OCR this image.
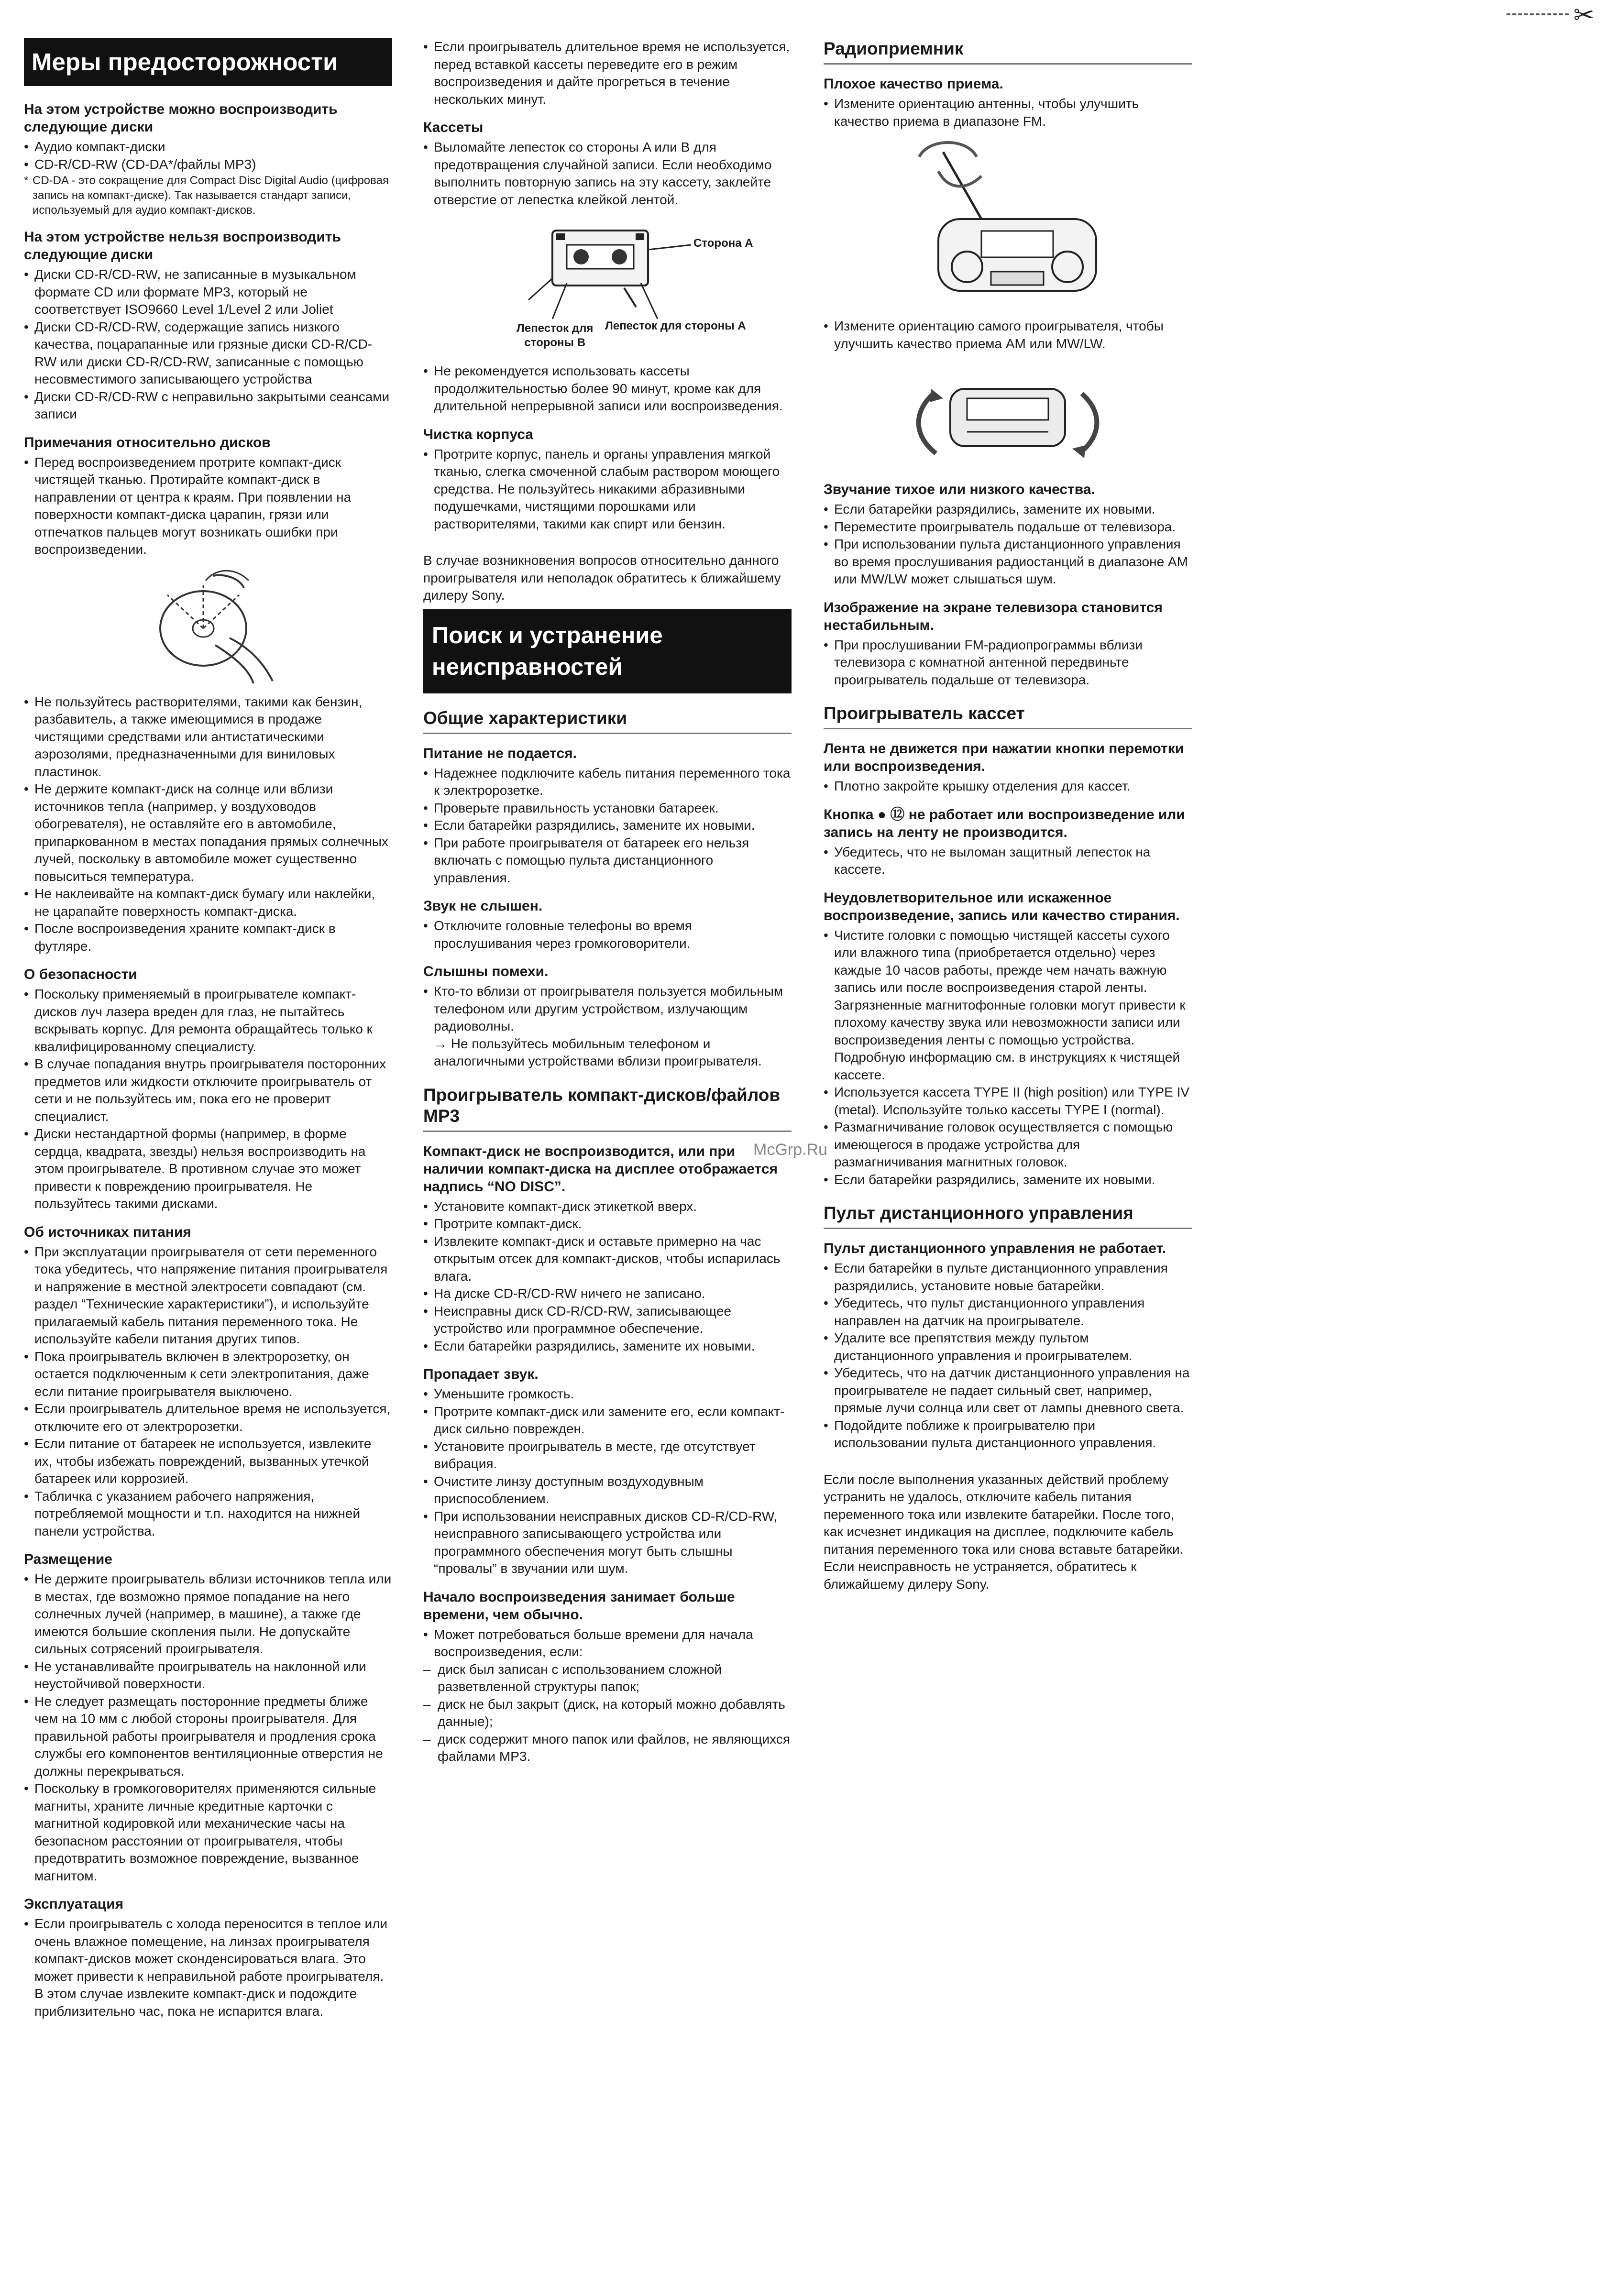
✂
Меры предосторожности
На этом устройстве можно воспроизводить следующие диски
• Аудио компакт-диски
• CD-R/CD-RW (CD-DA*/файлы MP3)
* CD-DA - это сокращение для Compact Disc Digital Audio (цифровая запись на компакт-диске). Так называется стандарт записи, используемый для аудио компакт-дисков.
На этом устройстве нельзя воспроизводить следующие диски
• Диски CD-R/CD-RW, не записанные в музыкальном формате CD или формате MP3, который не соответствует ISO9660 Level 1/Level 2 или Joliet
• Диски CD-R/CD-RW, содержащие запись низкого качества, поцарапанные или грязные диски CD-R/CD-RW или диски CD-R/CD-RW, записанные с помощью несовместимого записывающего устройства
• Диски CD-R/CD-RW с неправильно закрытыми сеансами записи
Примечания относительно дисков
• Перед воспроизведением протрите компакт-диск чистящей тканью. Протирайте компакт-диск в направлении от центра к краям. При появлении на поверхности компакт-диска царапин, грязи или отпечатков пальцев могут возникать ошибки при воспроизведении.
• Не пользуйтесь растворителями, такими как бензин, разбавитель, а также имеющимися в продаже чистящими средствами или антистатическими аэрозолями, предназначенными для виниловых пластинок.
• Не держите компакт-диск на солнце или вблизи источников тепла (например, у воздуховодов обогревателя), не оставляйте его в автомобиле, припаркованном в местах попадания прямых солнечных лучей, поскольку в автомобиле может существенно повыситься температура.
• Не наклеивайте на компакт-диск бумагу или наклейки, не царапайте поверхность компакт-диска.
• После воспроизведения храните компакт-диск в футляре.
О безопасности
• Поскольку применяемый в проигрывателе компакт-дисков луч лазера вреден для глаз, не пытайтесь вскрывать корпус. Для ремонта обращайтесь только к квалифицированному специалисту.
• В случае попадания внутрь проигрывателя посторонних предметов или жидкости отключите проигрыватель от сети и не пользуйтесь им, пока его не проверит специалист.
• Диски нестандартной формы (например, в форме сердца, квадрата, звезды) нельзя воспроизводить на этом проигрывателе. В противном случае это может привести к повреждению проигрывателя. Не пользуйтесь такими дисками.
Об источниках питания
• При эксплуатации проигрывателя от сети переменного тока убедитесь, что напряжение питания проигрывателя и напряжение в местной электросети совпадают (см. раздел “Технические характеристики”), и используйте прилагаемый кабель питания переменного тока. Не используйте кабели питания других типов.
• Пока проигрыватель включен в электророзетку, он остается подключенным к сети электропитания, даже если питание проигрывателя выключено.
• Если проигрыватель длительное время не используется, отключите его от электророзетки.
• Если питание от батареек не используется, извлеките их, чтобы избежать повреждений, вызванных утечкой батареек или коррозией.
• Табличка с указанием рабочего напряжения, потребляемой мощности и т.п. находится на нижней панели устройства.
Размещение
• Не держите проигрыватель вблизи источников тепла или в местах, где возможно прямое попадание на него солнечных лучей (например, в машине), а также где имеются большие скопления пыли. Не допускайте сильных сотрясений проигрывателя.
• Не устанавливайте проигрыватель на наклонной или неустойчивой поверхности.
• Не следует размещать посторонние предметы ближе чем на 10 мм с любой стороны проигрывателя. Для правильной работы проигрывателя и продления срока службы его компонентов вентиляционные отверстия не должны перекрываться.
• Поскольку в громкоговорителях применяются сильные магниты, храните личные кредитные карточки с магнитной кодировкой или механические часы на безопасном расстоянии от проигрывателя, чтобы предотвратить возможное повреждение, вызванное магнитом.
Эксплуатация
• Если проигрыватель с холода переносится в теплое или очень влажное помещение, на линзах проигрывателя компакт-дисков может сконденсироваться влага. Это может привести к неправильной работе проигрывателя. В этом случае извлеките компакт-диск и подождите приблизительно час, пока не испарится влага.
• Если проигрыватель длительное время не используется, перед вставкой кассеты переведите его в режим воспроизведения и дайте прогреться в течение нескольких минут.
Кассеты
• Выломайте лепесток со стороны A или B для предотвращения случайной записи. Если необходимо выполнить повторную запись на эту кассету, заклейте отверстие от лепестка клейкой лентой.
Сторона A
Лепесток для стороны A
Лепесток для
стороны B
• Не рекомендуется использовать кассеты продолжительностью более 90 минут, кроме как для длительной непрерывной записи или воспроизведения.
Чистка корпуса
• Протрите корпус, панель и органы управления мягкой тканью, слегка смоченной слабым раствором моющего средства. Не пользуйтесь никакими абразивными подушечками, чистящими порошками или растворителями, такими как спирт или бензин.

В случае возникновения вопросов относительно данного проигрывателя или неполадок обратитесь к ближайшему дилеру Sony.

Поиск и устранение
неисправностей
Общие характеристики
Питание не подается.
• Надежнее подключите кабель питания переменного тока к электророзетке.
• Проверьте правильность установки батареек.
• Если батарейки разрядились, замените их новыми.
• При работе проигрывателя от батареек его нельзя включать с помощью пульта дистанционного управления.
Звук не слышен.
• Отключите головные телефоны во время прослушивания через громкоговорители.
Слышны помехи.
• Кто-то вблизи от проигрывателя пользуется мобильным телефоном или другим устройством, излучающим радиоволны.
→ Не пользуйтесь мобильным телефоном и аналогичными устройствами вблизи проигрывателя.
Проигрыватель компакт-дисков/файлов MP3
Компакт-диск не воспроизводится, или при наличии компакт-диска на дисплее отображается надпись “NO DISC”.
• Установите компакт-диск этикеткой вверх.
• Протрите компакт-диск.
• Извлеките компакт-диск и оставьте примерно на час открытым отсек для компакт-дисков, чтобы испарилась влага.
• На диске CD-R/CD-RW ничего не записано.
• Неисправны диск CD-R/CD-RW, записывающее устройство или программное обеспечение.
• Если батарейки разрядились, замените их новыми.
Пропадает звук.
• Уменьшите громкость.
• Протрите компакт-диск или замените его, если компакт-диск сильно поврежден.
• Установите проигрыватель в месте, где отсутствует вибрация.
• Очистите линзу доступным воздуходувным приспособлением.
• При использовании неисправных дисков CD-R/CD-RW, неисправного записывающего устройства или программного обеспечения могут быть слышны “провалы” в звучании или шум.
Начало воспроизведения занимает больше времени, чем обычно.
• Может потребоваться больше времени для начала воспроизведения, если:
– диск был записан с использованием сложной разветвленной структуры папок;
– диск не был закрыт (диск, на который можно добавлять данные);
– диск содержит много папок или файлов, не являющихся файлами MP3.
Радиоприемник
Плохое качество приема.
• Измените ориентацию антенны, чтобы улучшить качество приема в диапазоне FM.
• Измените ориентацию самого проигрывателя, чтобы улучшить качество приема AM или MW/LW.
Звучание тихое или низкого качества.
• Если батарейки разрядились, замените их новыми.
• Переместите проигрыватель подальше от телевизора.
• При использовании пульта дистанционного управления во время прослушивания радиостанций в диапазоне AM или MW/LW может слышаться шум.
Изображение на экране телевизора становится нестабильным.
• При прослушивании FM-радиопрограммы вблизи телевизора с комнатной антенной передвиньте проигрыватель подальше от телевизора.
Проигрыватель кассет
Лента не движется при нажатии кнопки перемотки или воспроизведения.
• Плотно закройте крышку отделения для кассет.
Кнопка ● ⑫ не работает или воспроизведение или запись на ленту не производится.
• Убедитесь, что не выломан защитный лепесток на кассете.
Неудовлетворительное или искаженное воспроизведение, запись или качество стирания.
• Чистите головки с помощью чистящей кассеты сухого или влажного типа (приобретается отдельно) через каждые 10 часов работы, прежде чем начать важную запись или после воспроизведения старой ленты. Загрязненные магнитофонные головки могут привести к плохому качеству звука или невозможности записи или воспроизведения ленты с помощью устройства. Подробную информацию см. в инструкциях к чистящей кассете.
• Используется кассета TYPE II (high position) или TYPE IV (metal). Используйте только кассеты TYPE I (normal).
• Размагничивание головок осуществляется с помощью имеющегося в продаже устройства для размагничивания магнитных головок.
• Если батарейки разрядились, замените их новыми.
Пульт дистанционного управления
Пульт дистанционного управления не работает.
• Если батарейки в пульте дистанционного управления разрядились, установите новые батарейки.
• Убедитесь, что пульт дистанционного управления направлен на датчик на проигрывателе.
• Удалите все препятствия между пультом дистанционного управления и проигрывателем.
• Убедитесь, что на датчик дистанционного управления на проигрывателе не падает сильный свет, например, прямые лучи солнца или свет от лампы дневного света.
• Подойдите поближе к проигрывателю при использовании пульта дистанционного управления.

Если после выполнения указанных действий проблему устранить не удалось, отключите кабель питания переменного тока или извлеките батарейки. После того, как исчезнет индикация на дисплее, подключите кабель питания переменного тока или снова вставьте батарейки. Если неисправность не устраняется, обратитесь к ближайшему дилеру Sony.

McGrp.Ru
